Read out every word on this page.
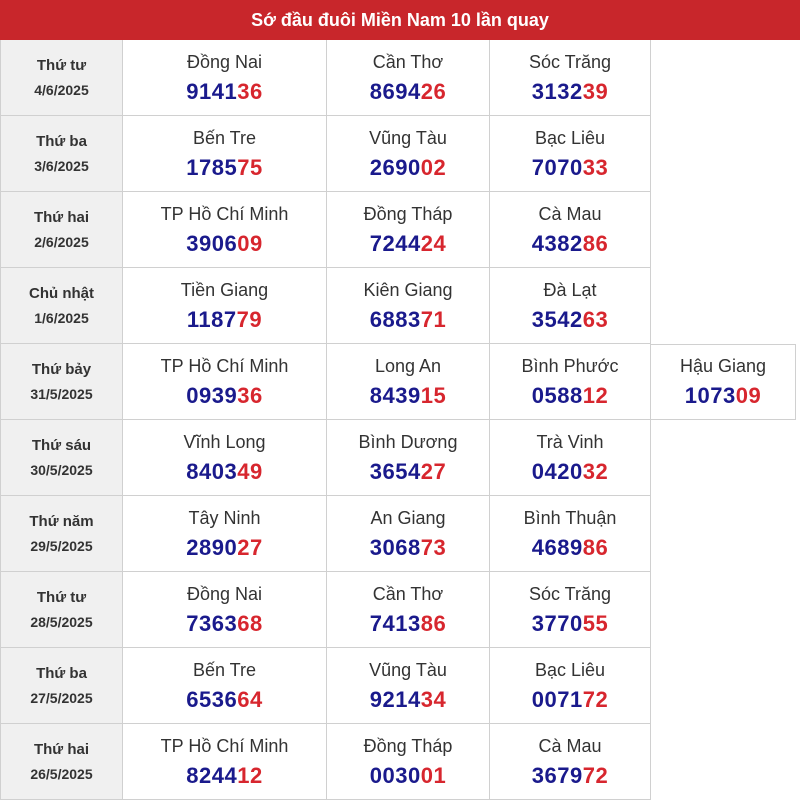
Sớ đầu đuôi Miền Nam 10 lần quay
Thứ tư
4/6/2025
Đồng Nai
914136
Cần Thơ
869426
Sóc Trăng
313239
Thứ ba
3/6/2025
Bến Tre
178575
Vũng Tàu
269002
Bạc Liêu
707033
Thứ hai
2/6/2025
TP Hồ Chí Minh
390609
Đồng Tháp
724424
Cà Mau
438286
Chủ nhật
1/6/2025
Tiền Giang
118779
Kiên Giang
688371
Đà Lạt
354263
Thứ bảy
31/5/2025
TP Hồ Chí Minh
093936
Long An
843915
Bình Phước
058812
Hậu Giang
107309
Thứ sáu
30/5/2025
Vĩnh Long
840349
Bình Dương
365427
Trà Vinh
042032
Thứ năm
29/5/2025
Tây Ninh
289027
An Giang
306873
Bình Thuận
468986
Thứ tư
28/5/2025
Đồng Nai
736368
Cần Thơ
741386
Sóc Trăng
377055
Thứ ba
27/5/2025
Bến Tre
653664
Vũng Tàu
921434
Bạc Liêu
007172
Thứ hai
26/5/2025
TP Hồ Chí Minh
824412
Đồng Tháp
003001
Cà Mau
367972
